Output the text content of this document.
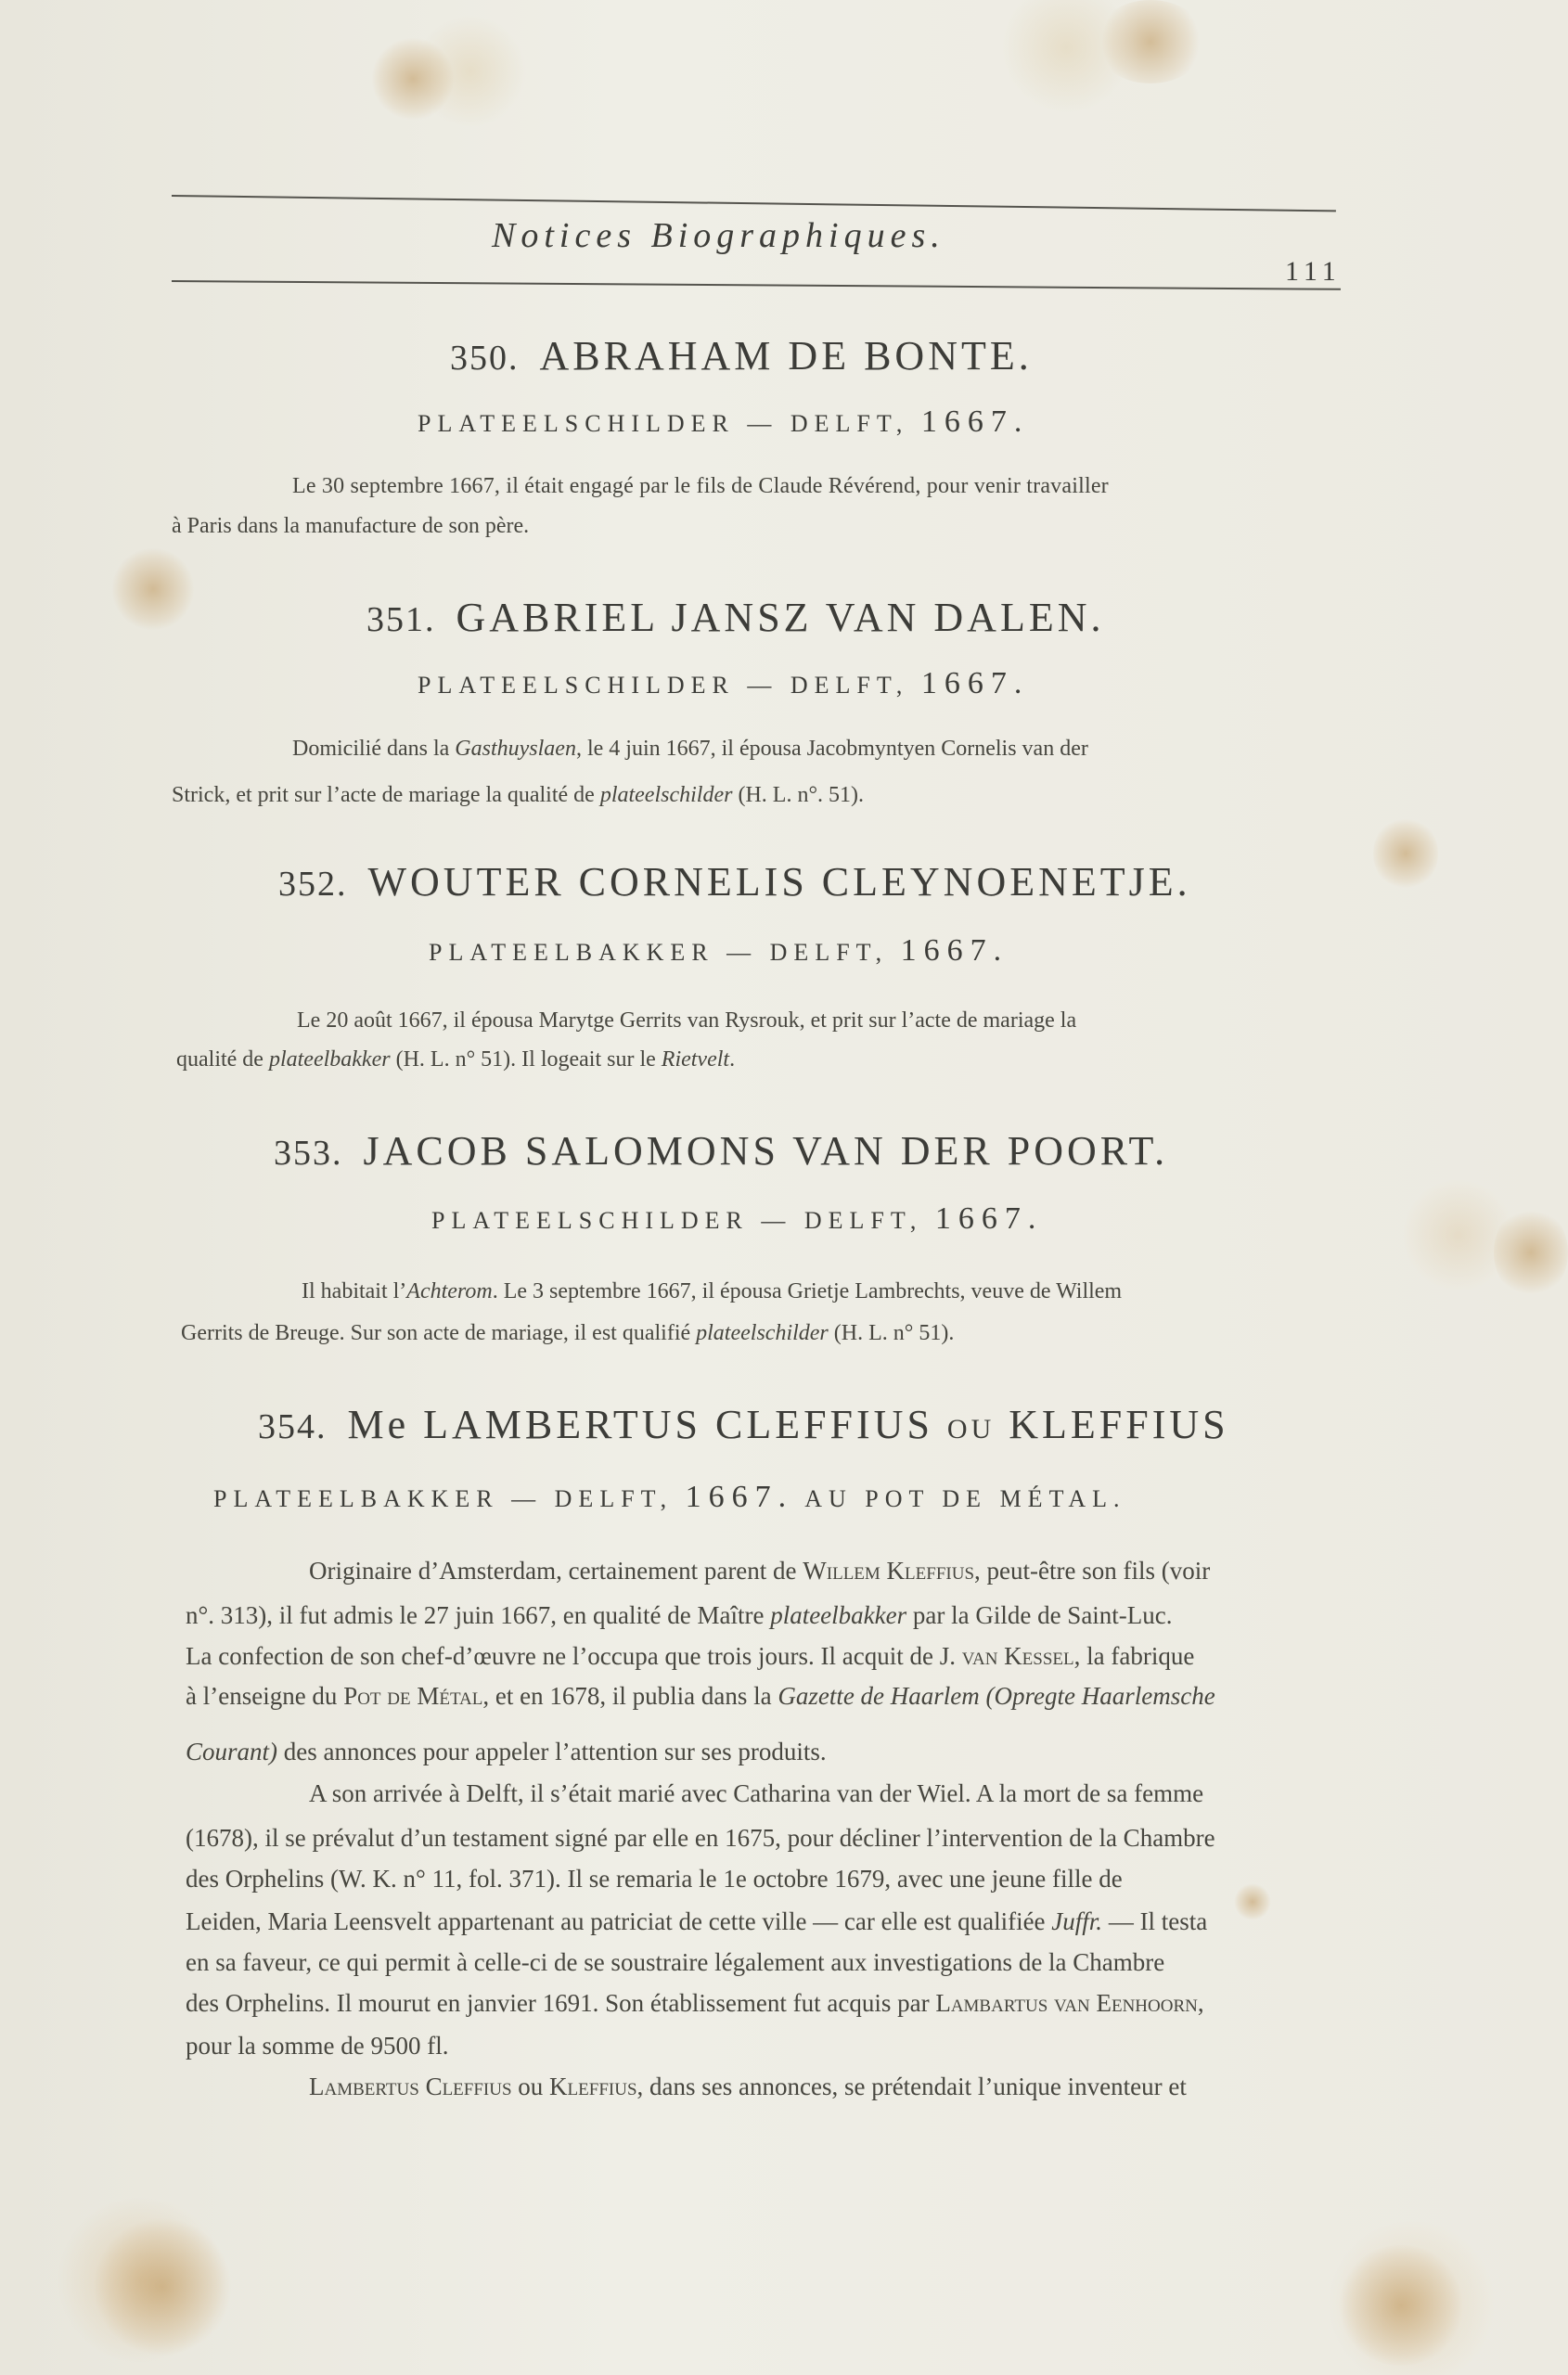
Notices Biographiques.
111
350. ABRAHAM DE BONTE.
PLATEELSCHILDER — DELFT, 1667.
Le 30 septembre 1667, il était engagé par le fils de Claude Révérend, pour venir travailler
à Paris dans la manufacture de son père.
351. GABRIEL JANSZ VAN DALEN.
PLATEELSCHILDER — DELFT, 1667.
Domicilié dans la Gasthuyslaen, le 4 juin 1667, il épousa Jacobmyntyen Cornelis van der
Strick, et prit sur l’acte de mariage la qualité de plateelschilder (H. L. n°. 51).
352. WOUTER CORNELIS CLEYNOENETJE.
PLATEELBAKKER — DELFT, 1667.
Le 20 août 1667, il épousa Marytge Gerrits van Rysrouk, et prit sur l’acte de mariage la
qualité de plateelbakker (H. L. n° 51). Il logeait sur le Rietvelt.
353. JACOB SALOMONS VAN DER POORT.
PLATEELSCHILDER — DELFT, 1667.
Il habitait l’Achterom. Le 3 septembre 1667, il épousa Grietje Lambrechts, veuve de Willem
Gerrits de Breuge. Sur son acte de mariage, il est qualifié plateelschilder (H. L. n° 51).
354. Me LAMBERTUS CLEFFIUS OU KLEFFIUS
PLATEELBAKKER — DELFT, 1667. AU POT DE MÉTAL.
Originaire d’Amsterdam, certainement parent de Willem Kleffius, peut-être son fils (voir
n°. 313), il fut admis le 27 juin 1667, en qualité de Maître plateelbakker par la Gilde de Saint-Luc.
La confection de son chef-d’œuvre ne l’occupa que trois jours. Il acquit de J. van Kessel, la fabrique
à l’enseigne du Pot de Métal, et en 1678, il publia dans la Gazette de Haarlem (Opregte Haarlemsche
Courant) des annonces pour appeler l’attention sur ses produits.
A son arrivée à Delft, il s’était marié avec Catharina van der Wiel. A la mort de sa femme
(1678), il se prévalut d’un testament signé par elle en 1675, pour décliner l’intervention de la Chambre
des Orphelins (W. K. n° 11, fol. 371). Il se remaria le 1e octobre 1679, avec une jeune fille de
Leiden, Maria Leensvelt appartenant au patriciat de cette ville — car elle est qualifiée Juffr. — Il testa
en sa faveur, ce qui permit à celle-ci de se soustraire légalement aux investigations de la Chambre
des Orphelins. Il mourut en janvier 1691. Son établissement fut acquis par Lambartus van Eenhoorn,
pour la somme de 9500 fl.
Lambertus Cleffius ou Kleffius, dans ses annonces, se prétendait l’unique inventeur et
